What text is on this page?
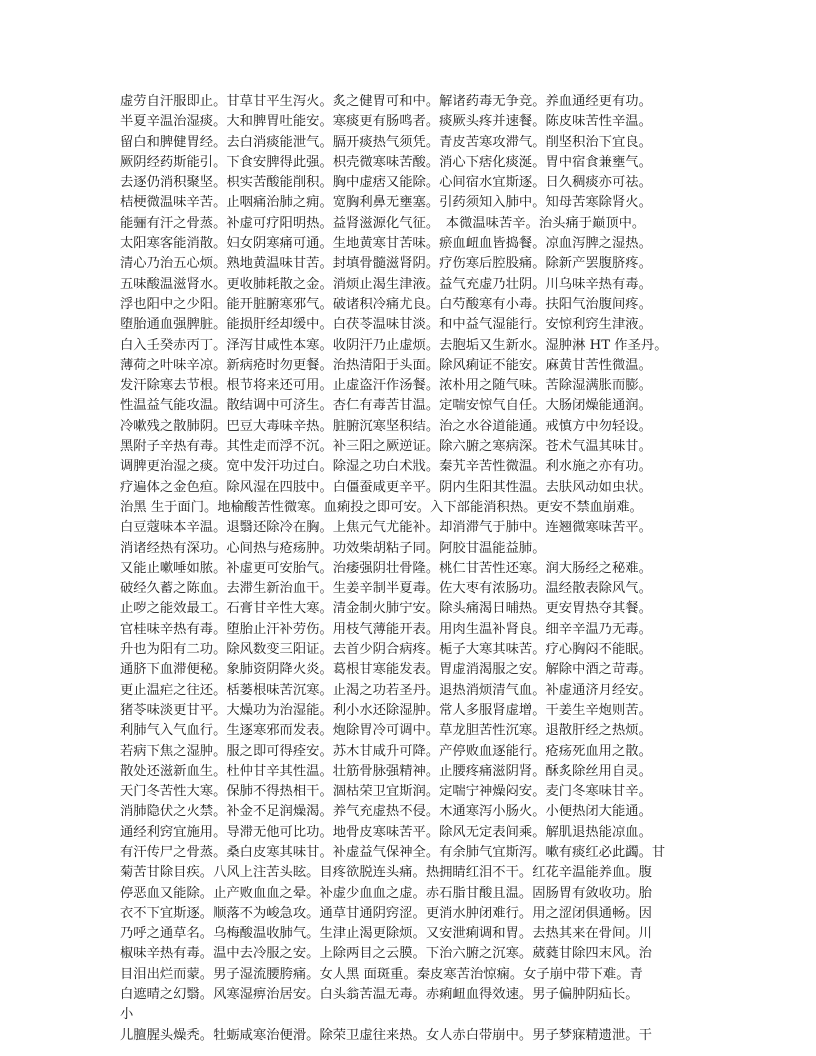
虚劳自汗服即止。甘草甘平生泻火。炙之健胃可和中。解诸药毒无争竞。养血通经更有功。
半夏辛温治湿痰。大和脾胃吐能安。寒痰更有肠鸣者。痰厥头疼并速餐。陈皮味苦性辛温。
留白和脾健胃经。去白消痰能泄气。膈开痰热气须凭。青皮苦寒攻滞气。削坚积治下宜良。
厥阴经药斯能引。下食安脾得此强。枳壳微寒味苦酸。消心下痞化痰涎。胃中宿食兼壅气。
去逐仍消积聚坚。枳实苦酸能削积。胸中虚痞又能除。心间宿水宜斯逐。日久稠痰亦可祛。
桔梗微温味辛苦。止咽痛治肺之痈。宽胸利鼻无壅塞。引药须知入肺中。知母苦寒除肾火。
能骊有汗之骨蒸。补虚可疗阳明热。益肾滋源化气征。　本微温味苦辛。治头痛于巅顶中。
太阳寒客能消散。妇女阴寒痛可通。生地黄寒甘苦味。瘀血衄血皆捣餐。凉血泻脾之湿热。
清心乃治五心烦。熟地黄温味甘苦。封填骨髓滋肾阴。疗伤寒后腔股痛。除新产罢腹脐疼。
五味酸温滋肾水。更收肺耗散之金。消烦止渴生津液。益气充虚乃壮阴。川乌味辛热有毒。
浮也阳中之少阳。能开脏腑寒邪气。破诸积冷痛尤良。白芍酸寒有小毒。扶阳气治腹间疼。
堕胎通血强脾脏。能损肝经却缓中。白茯苓温味甘淡。和中益气湿能行。安惊利窍生津液。
白入壬癸赤丙丁。泽泻甘咸性本寒。收阴汗乃止虚烦。去胞垢又生新水。湿肿淋 HT 作圣丹。
薄荷之叶味辛凉。新病疮时勿更餐。治热清阳于头面。除风痢证不能安。麻黄甘苦性微温。
发汗除寒去节根。根节将来还可用。止虚盗汗作汤餐。浓朴用之随气味。苦除湿满胀而膨。
性温益气能攻温。散结调中可济生。杏仁有毒苦甘温。定喘安惊气自任。大肠闭燥能通润。
冷嗽残之散肺阴。巴豆大毒味辛热。脏腑沉寒坚积结。治之水谷道能通。戒慎方中勿轻设。
黑附子辛热有毒。其性走而浮不沉。补三阳之厥逆证。除六腑之寒病深。苍术气温其味甘。
调脾更治湿之痰。宽中发汗功过白。除湿之功白术戕。秦艽辛苦性微温。利水施之亦有功。
疗遍体之金色疸。除风湿在四肢中。白僵蚕咸更辛平。阴内生阳其性温。去肤风动如虫状。
治黑 生于面门。地榆酸苦性微寒。血痢投之即可安。入下部能消积热。更安不禁血崩难。
白豆蔻味本辛温。退翳还除冷在胸。上焦元气尤能补。却消滞气于肺中。连翘微寒味苦平。
消诸经热有深功。心间热与疮疡肿。功效柴胡粘子同。阿胶甘温能益肺。
又能止嗽唾如脓。补虚更可安胎气。治痿强阴壮骨隆。桃仁甘苦性还寒。润大肠经之秘难。
破经久蓄之陈血。去滞生新治血干。生姜辛制半夏毒。佐大枣有浓肠功。温经散表除风气。
止哕之能效最工。石膏甘辛性大寒。清金制火肺宁安。除头痛渴日晡热。更安胃热夺其餐。
官桂味辛热有毒。堕胎止汗补劳伤。用枝气薄能开表。用肉生温补肾良。细辛辛温乃无毒。
升也为阳有二功。除风数变三阳证。去首少阴合病疼。栀子大寒其味苦。疗心胸闷不能眠。
通脐下血滞便秘。象肺资阴降火炎。葛根甘寒能发表。胃虚消渴服之安。解除中酒之苛毒。
更止温疟之往还。栝蒌根味苦沉寒。止渴之功若圣丹。退热消烦清气血。补虚通济月经安。
猪苓味淡更甘平。大燥功为治湿能。利小水还除湿肿。常人多服肾虚增。干姜生辛炮则苦。
利肺气入气血行。生逐寒邪而发表。炮除胃冷可调中。草龙胆苦性沉寒。退散肝经之热烦。
若病下焦之湿肿。服之即可得痊安。苏木甘咸升可降。产停败血逐能行。疮疡死血用之散。
散处还滋新血生。杜仲甘辛其性温。壮筋骨脉强精神。止腰疼痛滋阴肾。酥炙除丝用自灵。
天门冬苦性大寒。保肺不得热相干。涸枯荣卫宜斯润。定喘宁神燥闷安。麦门冬寒味甘辛。
消肺隐伏之火禁。补金不足润燥渴。养气充虚热不侵。木通寒泻小肠火。小便热闭大能通。
通经利窍宜施用。导滞无他可比功。地骨皮寒味苦平。除风无定表间乘。解肌退热能凉血。
有汗传尸之骨蒸。桑白皮寒其味甘。补虚益气保神全。有余肺气宜斯泻。嗽有痰红必此蠲。甘
菊苦甘除目疾。八风上注苦头眩。目疼欲脱连头痛。热拥睛红泪不干。红花辛温能养血。腹
停恶血又能除。止产败血血之晕。补虚少血血之虚。赤石脂甘酸且温。固肠胃有敛收功。胎
衣不下宜斯逐。顺落不为峻急攻。通草甘通阴窍涩。更消水肿闭难行。用之涩闭俱通畅。因
乃呼之通草名。乌梅酸温收肺气。生津止渴更除烦。又安泄痢调和胃。去热其来在骨间。川
椒味辛热有毒。温中去冷服之安。上除两目之云膜。下治六腑之沉寒。葳蕤甘除四末风。治
目泪出烂而蒙。男子湿流腰胯痛。女人黑 面斑重。秦皮寒苦治惊痫。女子崩中带下难。青
白遮晴之幻翳。风寒湿痹治居安。白头翁苦温无毒。赤痢衄血得效速。男子偏肿阴疝长。
小
儿膻腥头燥秃。牡蛎咸寒治便滑。除荣卫虚往来热。女人赤白带崩中。男子梦寐精遗泄。干
